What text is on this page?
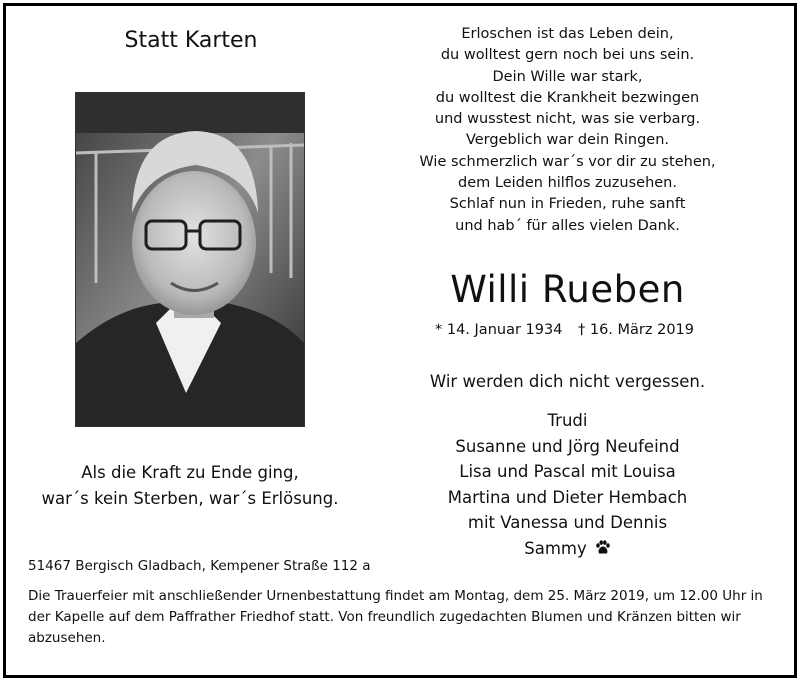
Statt Karten
Als die Kraft zu Ende ging,
war´s kein Sterben, war´s Erlösung.
Erloschen ist das Leben dein,
du wolltest gern noch bei uns sein.
Dein Wille war stark,
du wolltest die Krankheit bezwingen
und wusstest nicht, was sie verbarg.
Vergeblich war dein Ringen.
Wie schmerzlich war´s vor dir zu stehen,
dem Leiden hilflos zuzusehen.
Schlaf nun in Frieden, ruhe sanft
und hab´ für alles vielen Dank.
Willi Rueben
* 14. Januar 1934 † 16. März 2019
Wir werden dich nicht vergessen.
Trudi
Susanne und Jörg Neufeind
Lisa und Pascal mit Louisa
Martina und Dieter Hembach
mit Vanessa und Dennis
Sammy
51467 Bergisch Gladbach, Kempener Straße 112 a
Die Trauerfeier mit anschließender Urnenbestattung findet am Montag, dem 25. März 2019, um 12.00 Uhr in der Kapelle auf dem Paffrather Friedhof statt. Von freundlich zugedachten Blumen und Kränzen bitten wir abzusehen.
